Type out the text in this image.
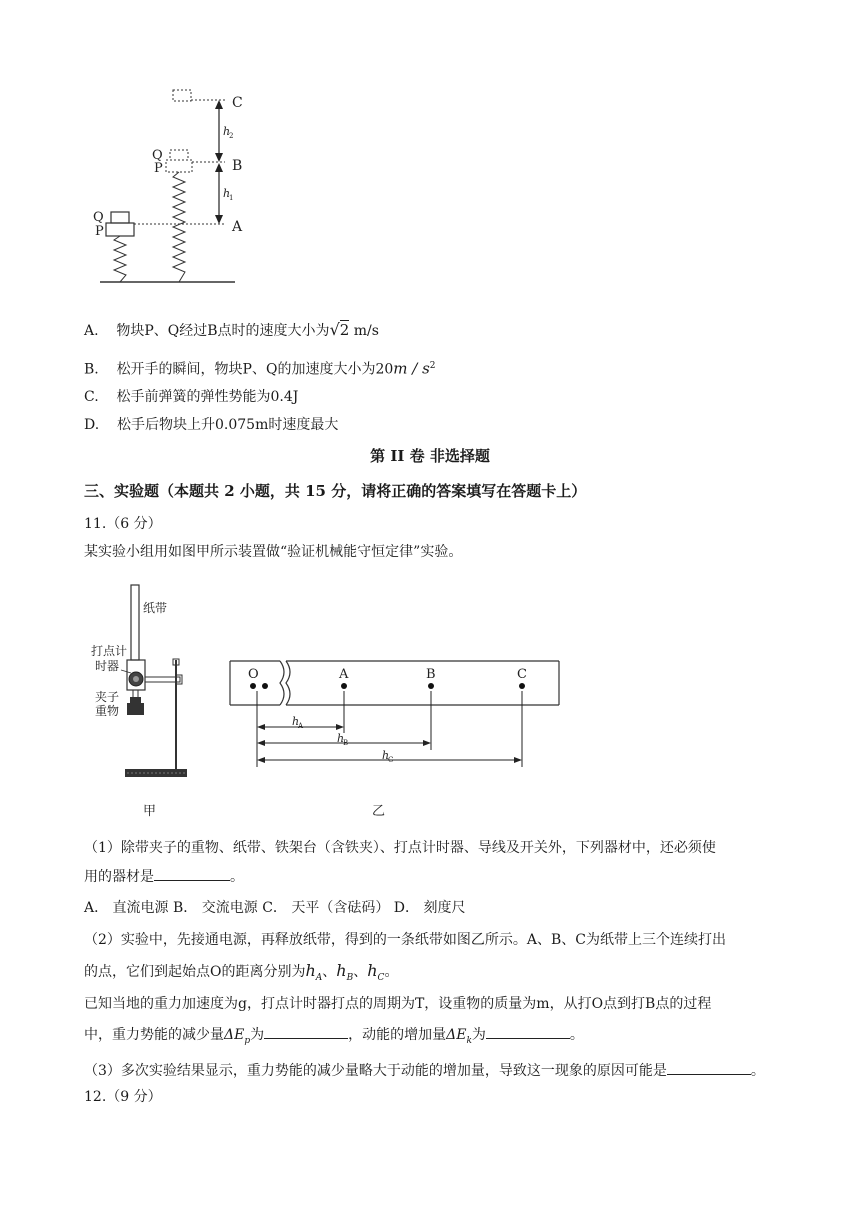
C
B
A
Q
P
Q
P
h
2
h
1
A. 物块P、Q经过B点时的速度大小为√2 m/s
B. 松开手的瞬间，物块P、Q的加速度大小为$20m / s^2$
C. 松手前弹簧的弹性势能为0.4J
D. 松手后物块上升0.075m时速度最大
第 II 卷 非选择题
三、实验题（本题共 2 小题，共 15 分，请将正确的答案填写在答题卡上）
11.（6 分）
某实验小组用如图甲所示装置做“验证机械能守恒定律”实验。
纸带
打点计
时器
夹子
重物
甲
O	A	B	C
h
A
h
B
h
C
乙
（1）除带夹子的重物、纸带、铁架台（含铁夹）、打点计时器、导线及开关外，下列器材中，还必须使
用的器材是	。
A． 直流电源 B． 交流电源 C． 天平（含砝码） D． 刻度尺
（2）实验中，先接通电源，再释放纸带，得到的一条纸带如图乙所示。A、B、C为纸带上三个连续打出
的点，它们到起始点O的距离分别为$h_A$、$h_B$、$h_C$。
已知当地的重力加速度为g，打点计时器打点的周期为T，设重物的质量为m，从打O点到打B点的过程
中，重力势能的减少量$\Delta E_p$为	，动能的增加量$\Delta E_k$为	。
（3）多次实验结果显示，重力势能的减少量略大于动能的增加量，导致这一现象的原因可能是	。
12.（9 分）
